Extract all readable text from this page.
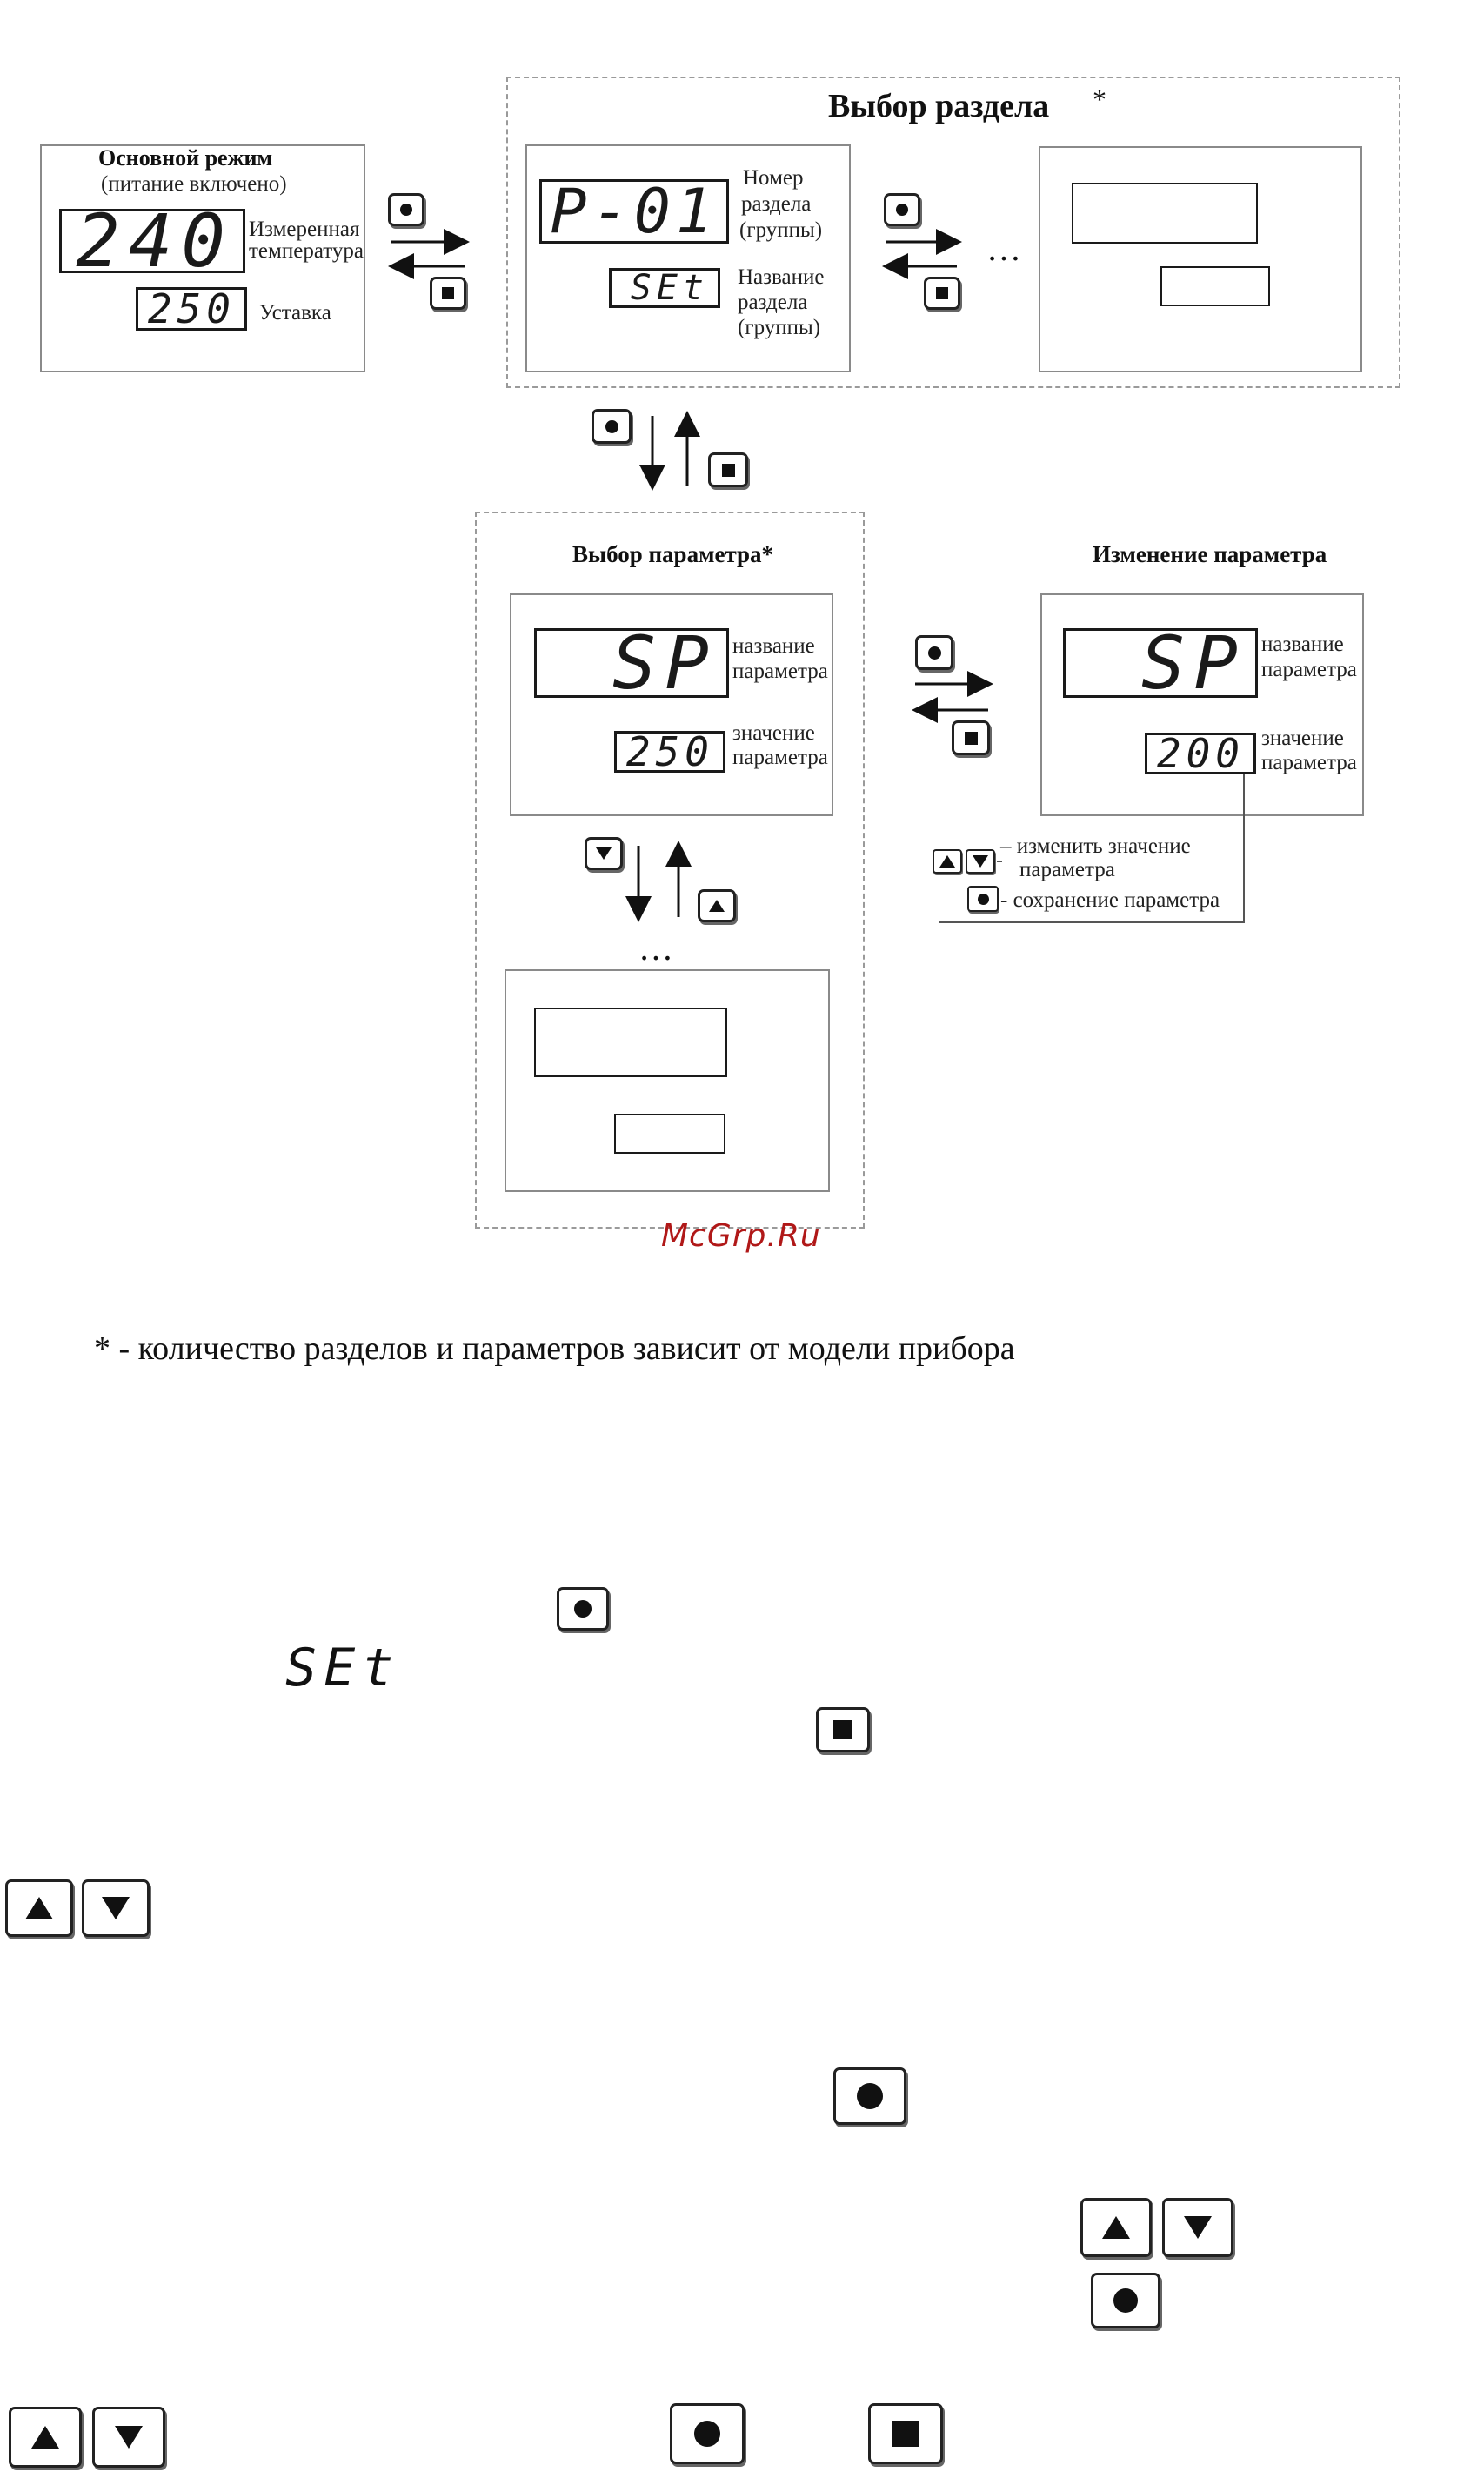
Основной режим
(питание включено)
240 Измеренная
температура
250	Уставка
Выбор раздела *
P-01	Номер
раздела
(группы)
SEt	Название
раздела
(группы)
…
Выбор параметра*
SP название
параметра
250 значение
параметра
…
Изменение параметра
SP название
параметра
200 значение
параметра
– изменить значение
параметра
- сохранение параметра
McGrp.Ru
* - количество разделов и параметров зависит от модели прибора
SEt
